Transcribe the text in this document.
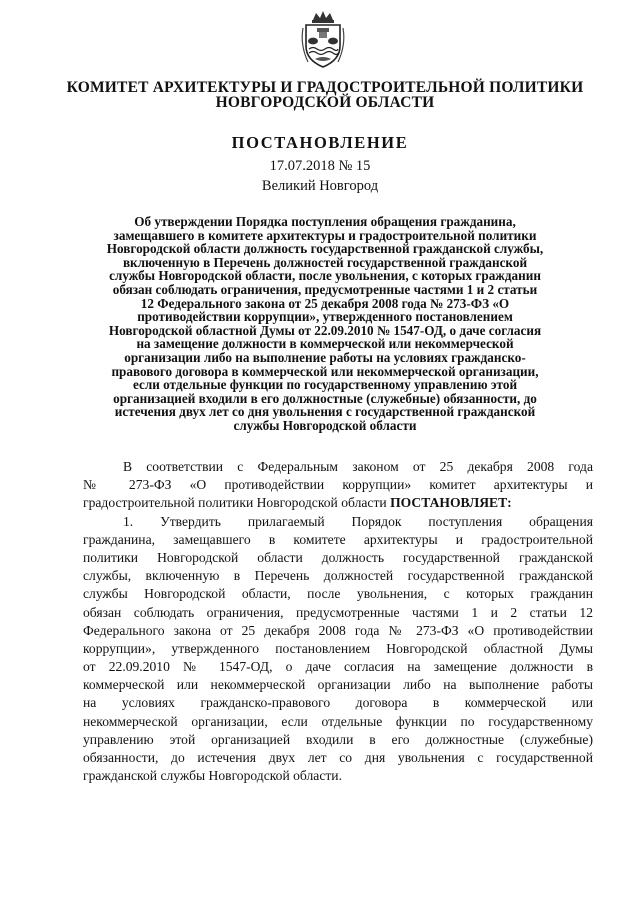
КОМИТЕТ АРХИТЕКТУРЫ И ГРАДОСТРОИТЕЛЬНОЙ ПОЛИТИКИ
НОВГОРОДСКОЙ ОБЛАСТИ
ПОСТАНОВЛЕНИЕ
17.07.2018 № 15
Великий Новгород
Об утверждении Порядка поступления обращения гражданина,
замещавшего в комитете архитектуры и градостроительной политики
Новгородской области должность государственной гражданской службы,
включенную в Перечень должностей государственной гражданской
службы Новгородской области, после увольнения, с которых гражданин
обязан соблюдать ограничения, предусмотренные частями 1 и 2 статьи
12 Федерального закона от 25 декабря 2008 года № 273-ФЗ «О
противодействии коррупции», утвержденного постановлением
Новгородской областной Думы от 22.09.2010 № 1547-ОД, о даче согласия
на замещение должности в коммерческой или некоммерческой
организации либо на выполнение работы на условиях гражданско-
правового договора в коммерческой или некоммерческой организации,
если отдельные функции по государственному управлению этой
организацией входили в его должностные (служебные) обязанности, до
истечения двух лет со дня увольнения с государственной гражданской
службы Новгородской области
В соответствии с Федеральным законом от 25 декабря 2008 года
№ 273-ФЗ «О противодействии коррупции» комитет архитектуры и
градостроительной политики Новгородской области ПОСТАНОВЛЯЕТ:
1. Утвердить прилагаемый Порядок поступления обращения
гражданина, замещавшего в комитете архитектуры и градостроительной
политики Новгородской области должность государственной гражданской
службы, включенную в Перечень должностей государственной гражданской
службы Новгородской области, после увольнения, с которых гражданин
обязан соблюдать ограничения, предусмотренные частями 1 и 2 статьи 12
Федерального закона от 25 декабря 2008 года № 273-ФЗ «О противодействии
коррупции», утвержденного постановлением Новгородской областной Думы
от 22.09.2010 № 1547-ОД, о даче согласия на замещение должности в
коммерческой или некоммерческой организации либо на выполнение работы
на условиях гражданско-правового договора в коммерческой или
некоммерческой организации, если отдельные функции по государственному
управлению этой организацией входили в его должностные (служебные)
обязанности, до истечения двух лет со дня увольнения с государственной
гражданской службы Новгородской области.
